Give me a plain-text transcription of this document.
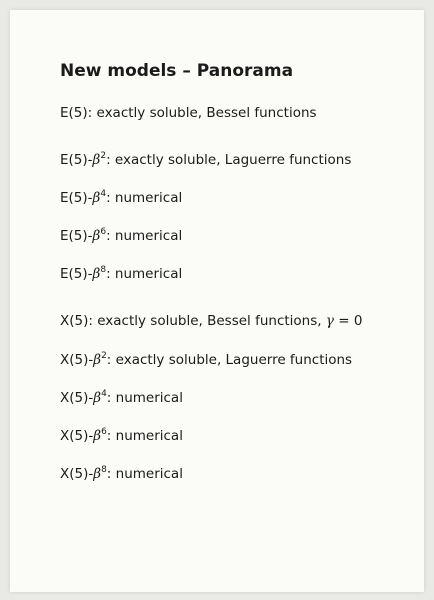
New models – Panorama
E(5): exactly soluble, Bessel functions
$E(5)-\beta^2$: exactly soluble, Laguerre functions
$E(5)-\beta^4$: numerical
$E(5)-\beta^6$: numerical
$E(5)-\beta^8$: numerical
X(5): exactly soluble, Bessel functions, γ = 0
$X(5)-\beta^2$: exactly soluble, Laguerre functions
$X(5)-\beta^4$: numerical
$X(5)-\beta^6$: numerical
$X(5)-\beta^8$: numerical
